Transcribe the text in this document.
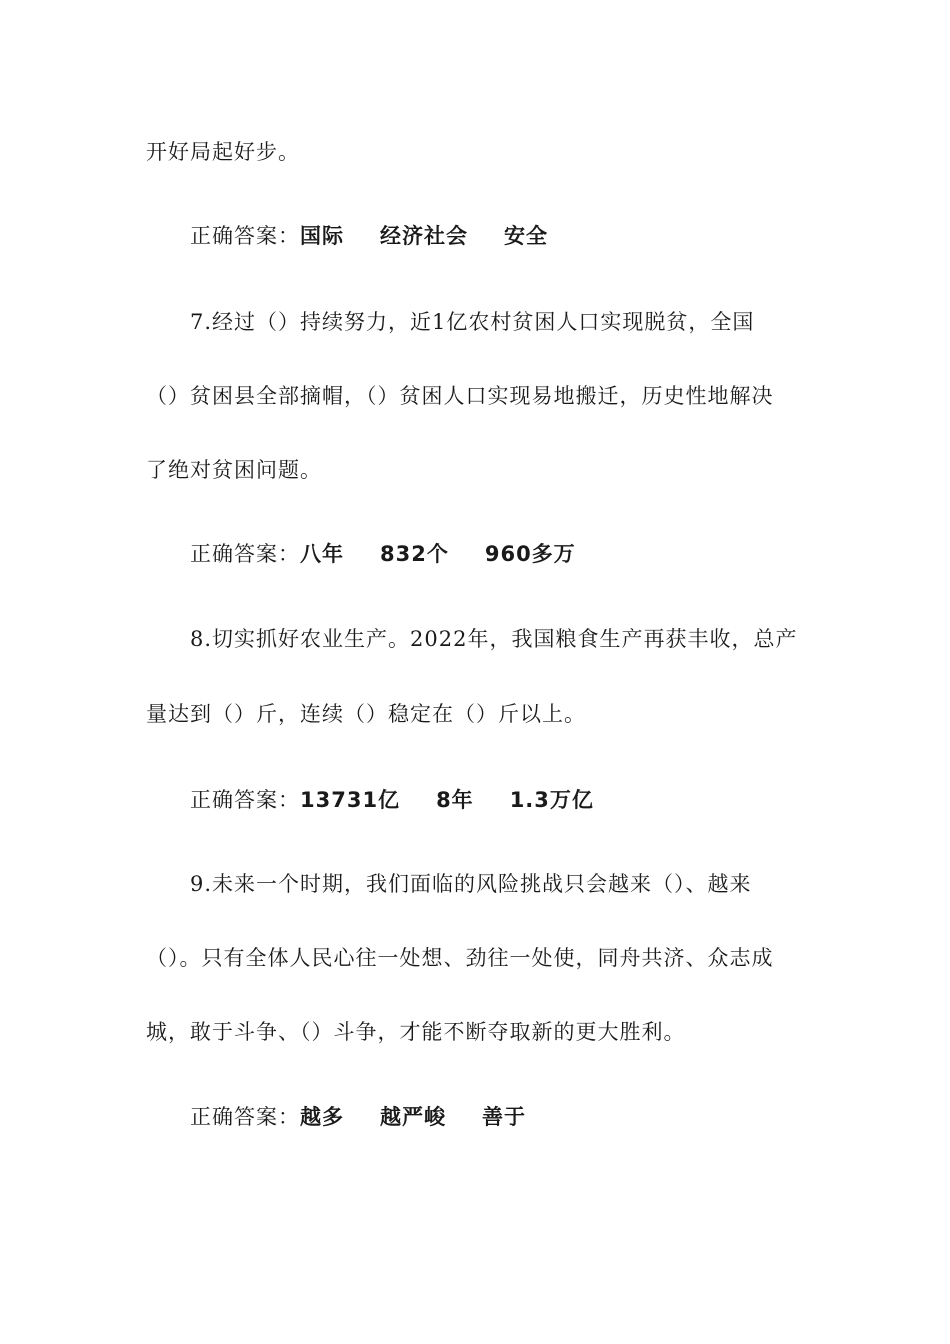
开好局起好步。
正确答案：国际 经济社会 安全
7.经过（）持续努力，近1亿农村贫困人口实现脱贫，全国
（）贫困县全部摘帽，（）贫困人口实现易地搬迁，历史性地解决
了绝对贫困问题。
正确答案：八年 832个 960多万
8.切实抓好农业生产。2022年，我国粮食生产再获丰收，总产
量达到（）斤，连续（）稳定在（）斤以上。
正确答案：13731亿 8年 1.3万亿
9.未来一个时期，我们面临的风险挑战只会越来（）、越来
（）。只有全体人民心往一处想、劲往一处使，同舟共济、众志成
城，敢于斗争、（）斗争，才能不断夺取新的更大胜利。
正确答案：越多 越严峻 善于
